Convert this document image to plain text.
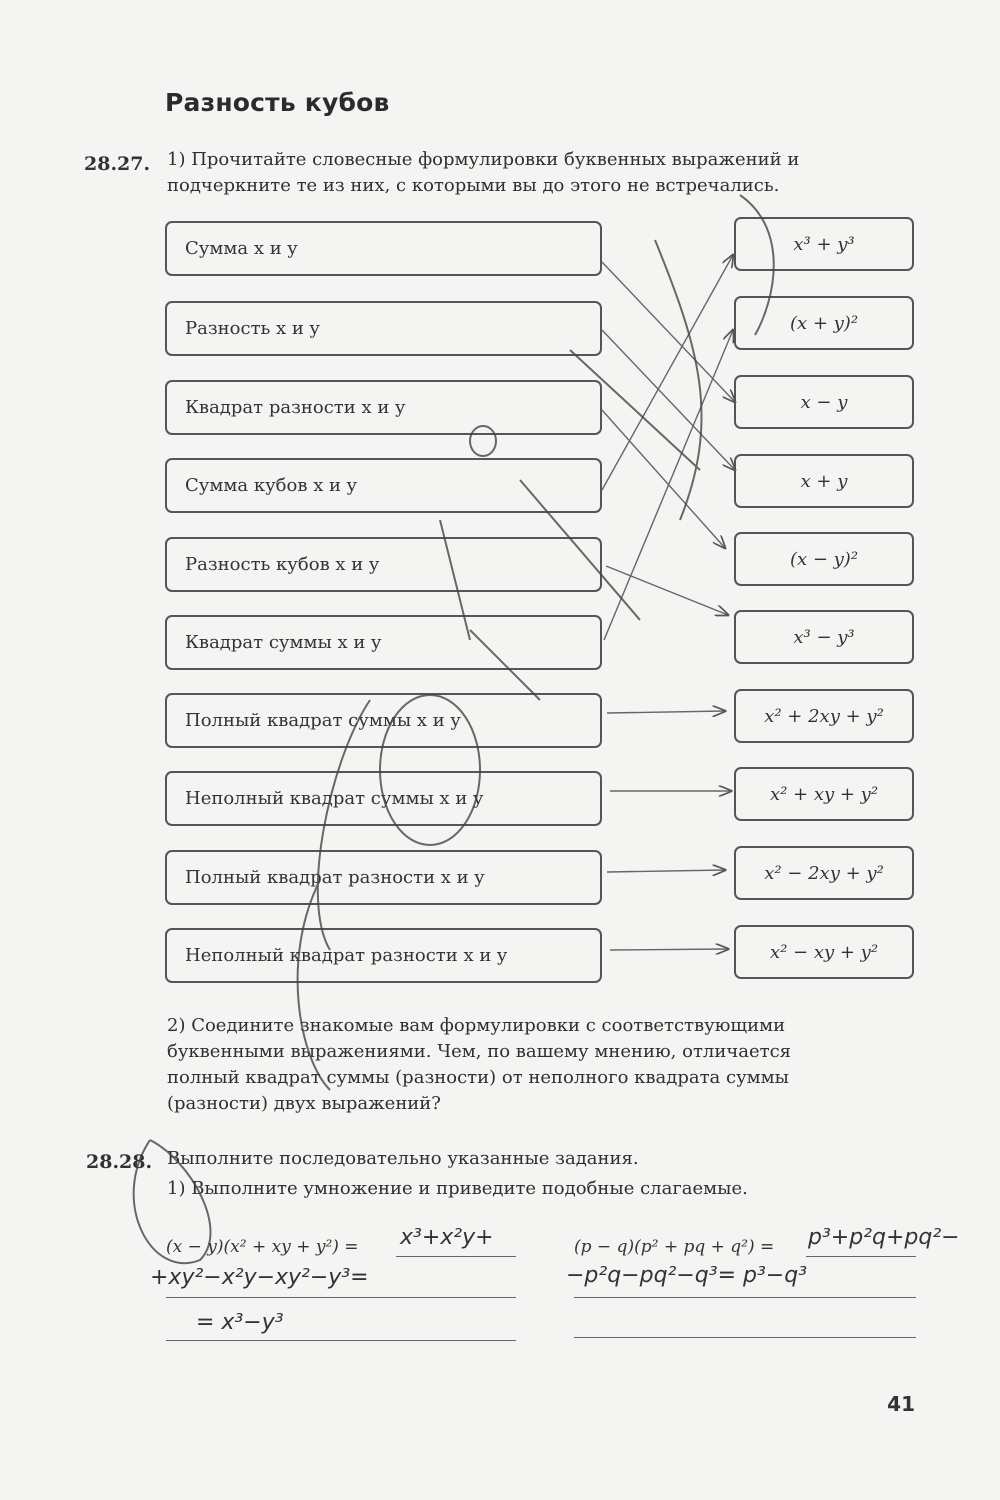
Разность кубов
28.27. 1) Прочитайте словесные формулировки буквенных выражений и
подчеркните те из них, с которыми вы до этого не встречались.
Сумма x и y
Разность x и y
Квадрат разности x и y
Сумма кубов x и y
Разность кубов x и y
Квадрат суммы x и y
Полный квадрат суммы x и y
Неполный квадрат суммы x и y
Полный квадрат разности x и y
Неполный квадрат разности x и y
x³ + y³
(x + y)²
x − y
x + y
(x − y)²
x³ − y³
x² + 2xy + y²
x² + xy + y²
x² − 2xy + y²
x² − xy + y²
2) Соедините знакомые вам формулировки с соответствующими
буквенными выражениями. Чем, по вашему мнению, отличается
полный квадрат суммы (разности) от неполного квадрата суммы
(разности) двух выражений?
28.28. Выполните последовательно указанные задания.
1) Выполните умножение и приведите подобные слагаемые.
(x − y)(x² + xy + y²) =	(p − q)(p² + pq + q²) =
x³+x²y+
+xy²−x²y−xy²−y³=
= x³−y³
p³+p²q+pq²−
−p²q−pq²−q³= p³−q³
41
